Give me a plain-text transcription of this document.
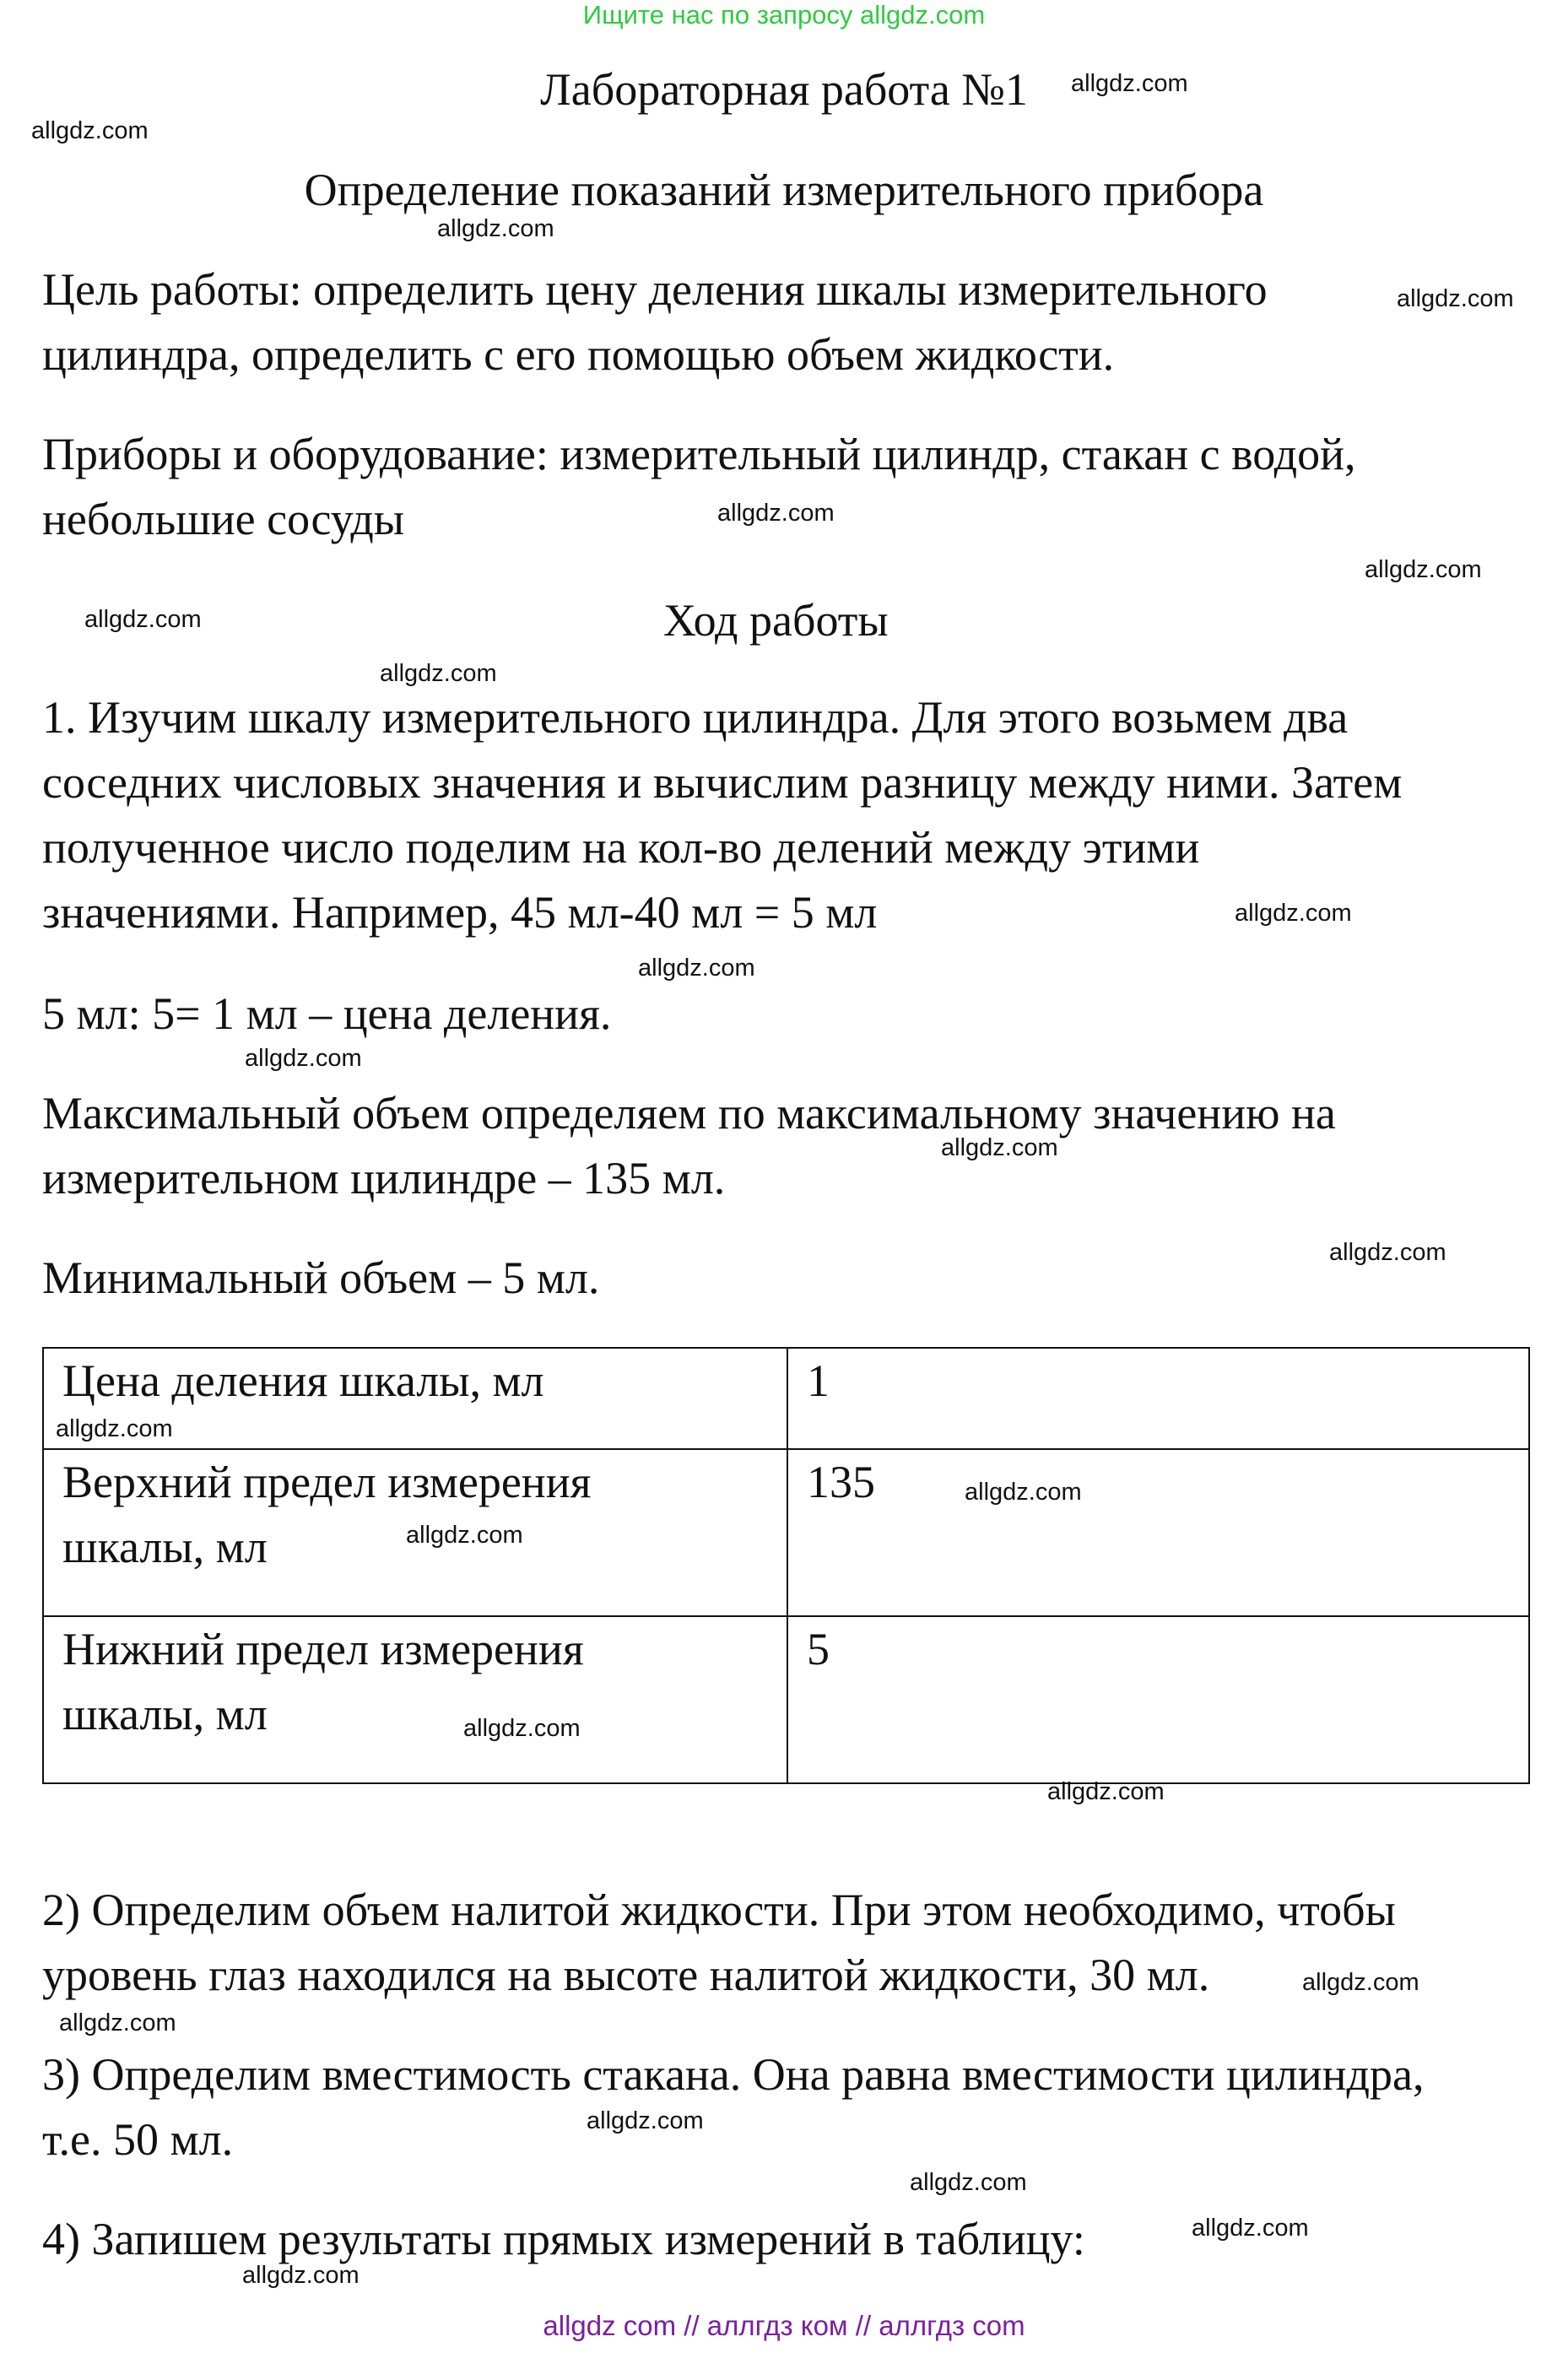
Ищите нас по запросу allgdz.com
Лабораторная работа №1
Определение показаний измерительного прибора
Цель работы: определить цену деления шкалы измерительного
цилиндра, определить с его помощью объем жидкости.
Приборы и оборудование: измерительный цилиндр, стакан с водой,
небольшие сосуды
Ход работы
1. Изучим шкалу измерительного цилиндра. Для этого возьмем два
соседних числовых значения и вычислим разницу между ними. Затем
полученное число поделим на кол-во делений между этими
значениями. Например, 45 мл-40 мл = 5 мл
5 мл: 5= 1 мл – цена деления.
Максимальный объем определяем по максимальному значению на
измерительном цилиндре – 135 мл.
Минимальный объем – 5 мл.
Цена деления шкалы, мл	1

Верхний предел измерения
шкалы, мл	135

Нижний предел измерения
шкалы, мл	5
2) Определим объем налитой жидкости. При этом необходимо, чтобы
уровень глаз находился на высоте налитой жидкости, 30 мл.
3) Определим вместимость стакана. Она равна вместимости цилиндра,
т.е. 50 мл.
4) Запишем результаты прямых измерений в таблицу:
allgdz.com
allgdz.com
allgdz.com
allgdz.com
allgdz.com
allgdz.com
allgdz.com
allgdz.com
allgdz.com
allgdz.com
allgdz.com
allgdz.com
allgdz.com
allgdz.com
allgdz.com
allgdz.com
allgdz.com
allgdz.com
allgdz.com
allgdz.com
allgdz.com
allgdz.com
allgdz.com
allgdz.com
allgdz com // аллгдз ком // аллгдз com
